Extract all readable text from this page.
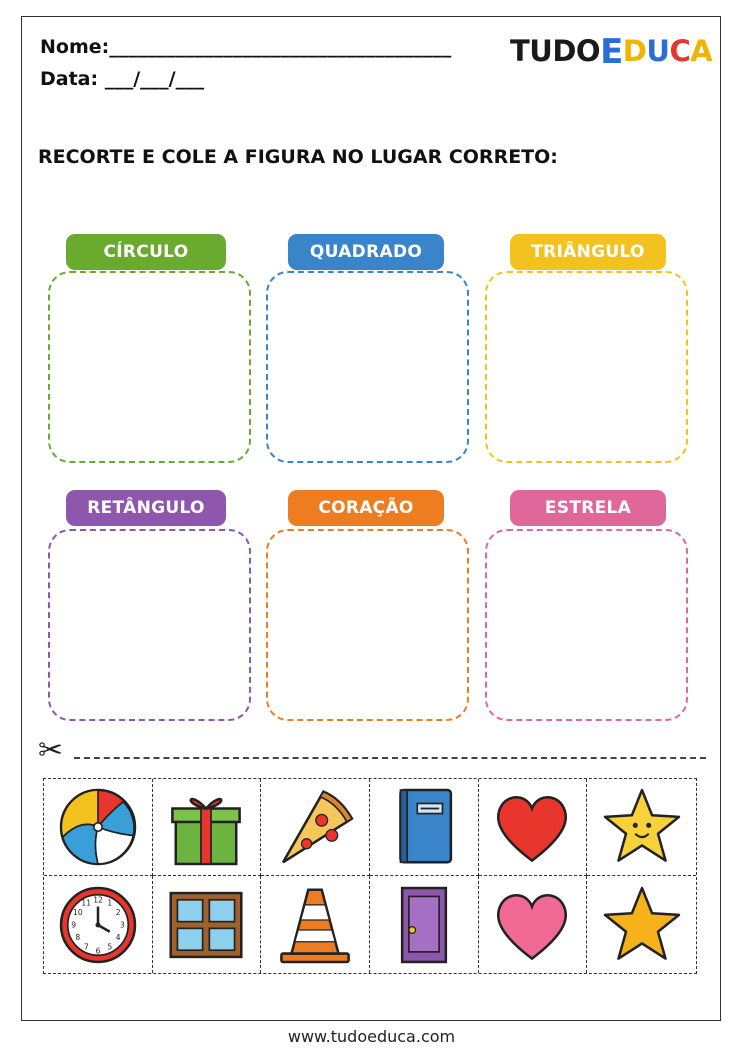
Nome:____________________________________
Data: ___/___/___
TUDOEDUCA
RECORTE E COLE A FIGURA NO LUGAR CORRETO:
CÍRCULO	QUADRADO	TRIÂNGULO
RETÂNGULO	CORAÇÃO	ESTRELA
✂
12 1
2
3
4
5
6
7
8
9
10
11
www.tudoeduca.com
